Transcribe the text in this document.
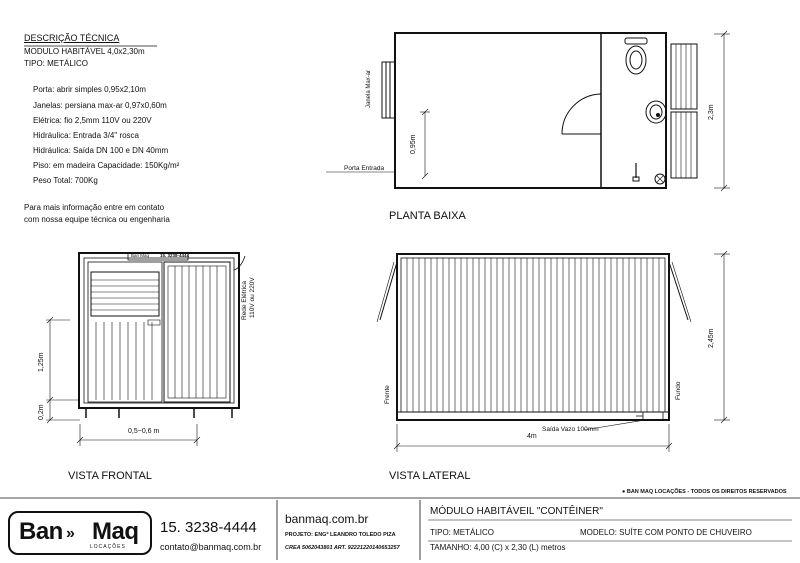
DESCRIÇÃO TÉCNICA
MODULO HABITÁVEL 4,0x2,30m
TIPO: METÁLICO
Porta: abrir simples 0,95x2,10m
Janelas: persiana max-ar 0,97x0,60m
Elétrica: fio 2,5mm 110V ou 220V
Hidráulica: Entrada 3/4" rosca
Hidráulica: Saída DN 100 e DN 40mm
Piso: em madeira Capacidade: 150Kg/m²
Peso Total: 700Kg
Para mais informação entre em contato
com nossa equipe técnica ou engenharia	PLANTA BAIXA
Janela Max-ar
Porta Entrada
0,95m
2,3m
VISTA FRONTAL
Rede Elétrica 110V ou 220V
1,25m
0,2m
0,5~0,6 m
Ban Maq 15. 3238-4444
VISTA LATERAL
Frente	Fundo
Saída Vazo 100mm
4m
2,45m
● BAN MAQ LOCAÇÕES - TODOS OS DIREITOS RESERVADOS
Ban Maq
»
LOCAÇÕES
15. 3238-4444
contato@banmaq.com.br
banmaq.com.br
PROJETO: ENGº LEANDRO TOLEDO PIZA
CREA 5062043801 ART. 92221220140653257
MÓDULO HABITÁVEIL "CONTÊINER"
TIPO: METÁLICO	MODELO: SUÍTE COM PONTO DE CHUVEIRO
TAMANHO: 4,00 (C) x 2,30 (L) metros
